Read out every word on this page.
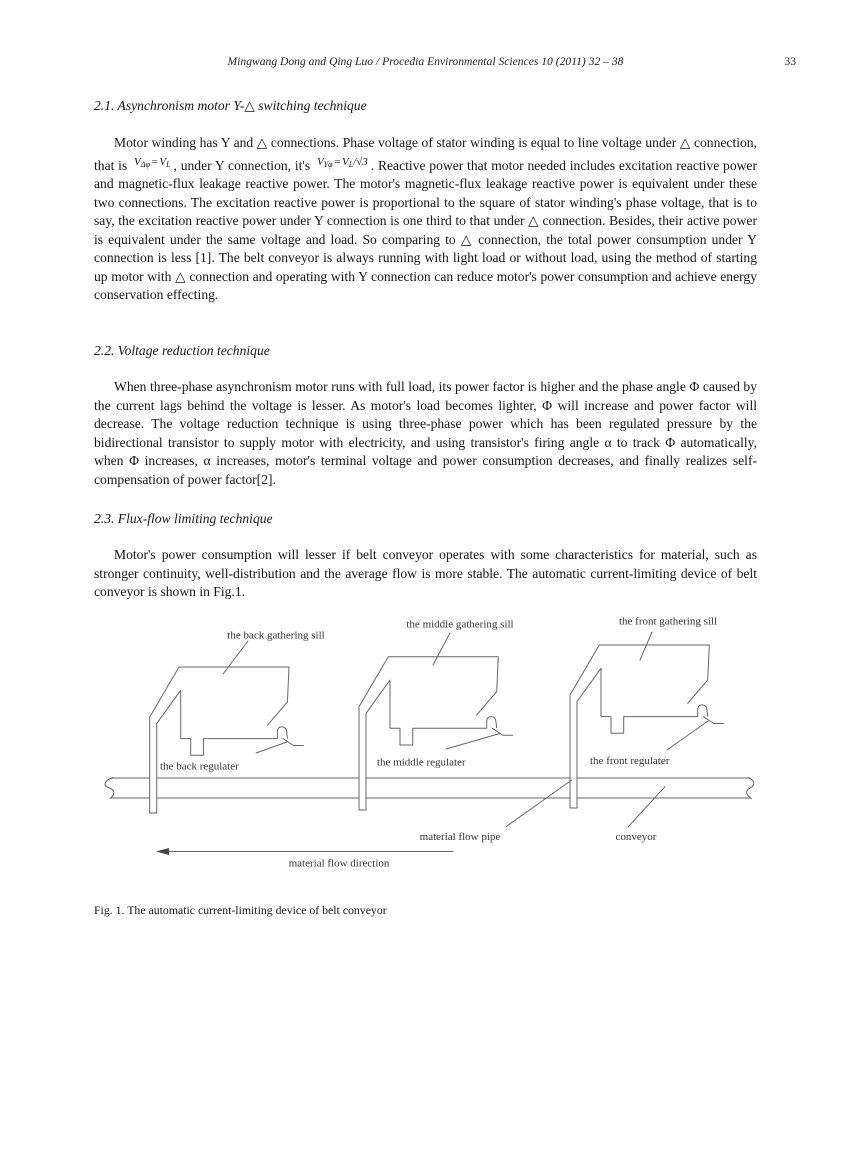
Mingwang Dong and Qing Luo / Procedia Environmental Sciences 10 (2011) 32 – 38	33
2.1. Asynchronism motor Y-△ switching technique
Motor winding has Y and △ connections. Phase voltage of stator winding is equal to line voltage under △ connection, that is $^{V_{\Delta\varphi}=V_L}$ , under Y connection, it's $^{V_{Y\varphi}=V_L/√3}$ . Reactive power that motor needed includes excitation reactive power and magnetic-flux leakage reactive power. The motor's magnetic-flux leakage reactive power is equivalent under these two connections. The excitation reactive power is proportional to the square of stator winding's phase voltage, that is to say, the excitation reactive power under Y connection is one third to that under △ connection. Besides, their active power is equivalent under the same voltage and load. So comparing to △ connection, the total power consumption under Y connection is less [1]. The belt conveyor is always running with light load or without load, using the method of starting up motor with △ connection and operating with Y connection can reduce motor's power consumption and achieve energy conservation effecting.
2.2. Voltage reduction technique
When three-phase asynchronism motor runs with full load, its power factor is higher and the phase angle Φ caused by the current lags behind the voltage is lesser. As motor's load becomes lighter, Φ will increase and power factor will decrease. The voltage reduction technique is using three-phase power which has been regulated pressure by the bidirectional transistor to supply motor with electricity, and using transistor's firing angle α to track Φ automatically, when Φ increases, α increases, motor's terminal voltage and power consumption decreases, and finally realizes self-compensation of power factor[2].
2.3. Flux-flow limiting technique
Motor's power consumption will lesser if belt conveyor operates with some characteristics for material, such as stronger continuity, well-distribution and the average flow is more stable. The automatic current-limiting device of belt conveyor is shown in Fig.1.
the back gathering sill
the middle gathering sill	the front gathering sill
the back regulater	the middle regulater	the front regulater
material flow pipe	conveyor
material flow direction
Fig. 1. The automatic current-limiting device of belt conveyor
